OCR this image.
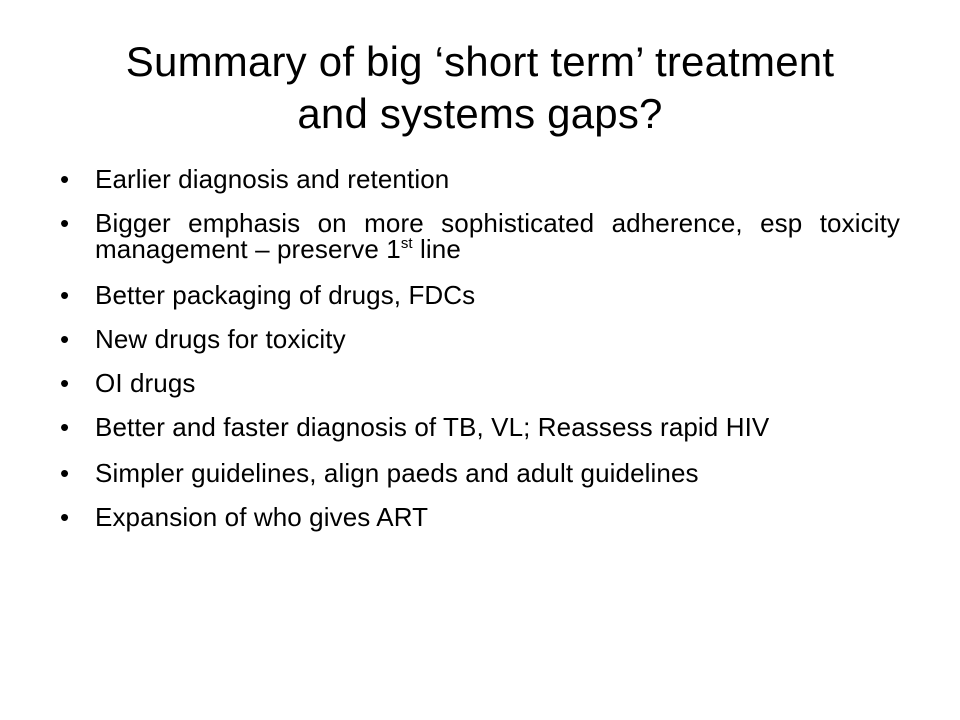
Summary of big ‘short term’ treatment
and systems gaps?
• Earlier diagnosis and retention
• Bigger emphasis on more sophisticated adherence, esp toxicity management – preserve 1st line
• Better packaging of drugs, FDCs
• New drugs for toxicity
• OI drugs
• Better and faster diagnosis of TB, VL; Reassess rapid HIV
• Simpler guidelines, align paeds and adult guidelines
• Expansion of who gives ART
